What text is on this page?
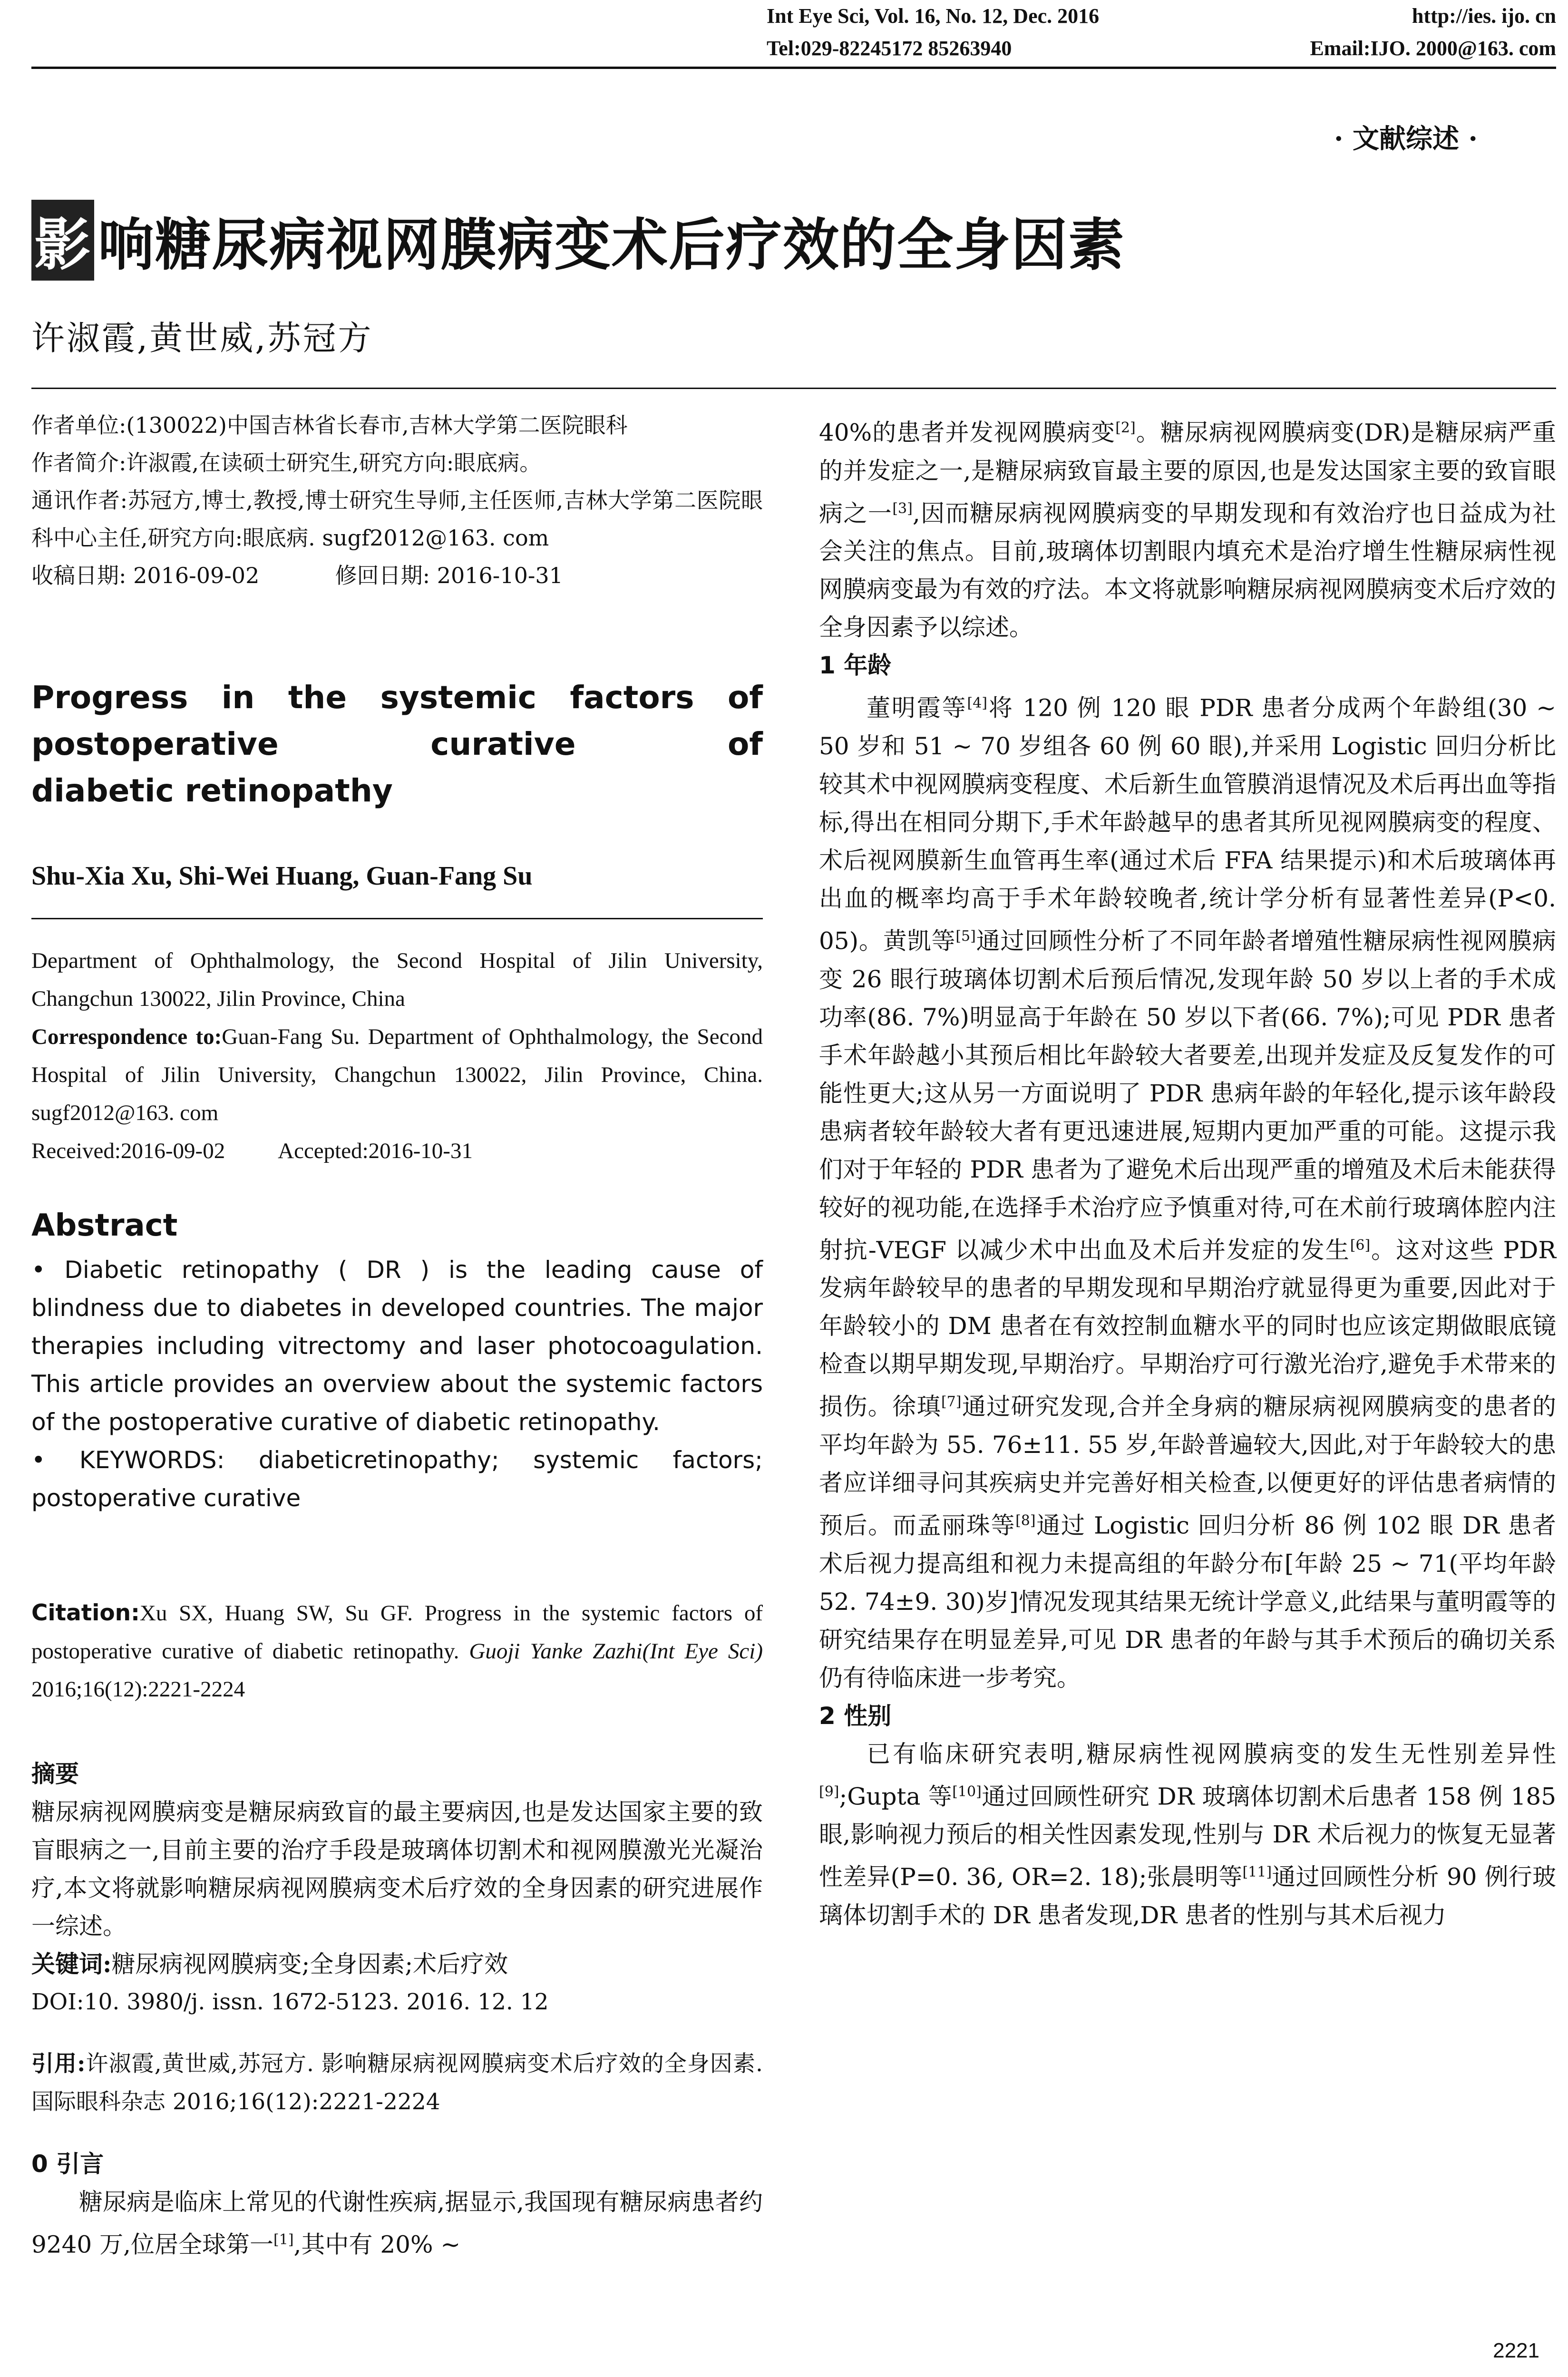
Int Eye Sci, Vol. 16, No. 12, Dec. 2016	http://ies. ijo. cn
Tel:029-82245172 85263940	Email:IJO. 2000@163. com
· 文献综述 ·
影 响糖尿病视网膜病变术后疗效的全身因素
许淑霞,黄世威,苏冠方
作者单位:(130022)中国吉林省长春市,吉林大学第二医院眼科
作者简介:许淑霞,在读硕士研究生,研究方向:眼底病。
通讯作者:苏冠方,博士,教授,博士研究生导师,主任医师,吉林大学第二医院眼科中心主任,研究方向:眼底病. sugf2012@163. com
收稿日期: 2016-09-02	修回日期: 2016-10-31
Progress in the systemic factors of postoperative curative of
diabetic retinopathy
Shu-Xia Xu, Shi-Wei Huang, Guan-Fang Su
Department of Ophthalmology, the Second Hospital of Jilin University, Changchun 130022, Jilin Province, China
Correspondence to:Guan-Fang Su. Department of Ophthalmology, the Second Hospital of Jilin University, Changchun 130022, Jilin Province, China. sugf2012@163. com
Received:2016-09-02 Accepted:2016-10-31
Abstract
• Diabetic retinopathy ( DR ) is the leading cause of blindness due to diabetes in developed countries. The major therapies including vitrectomy and laser photocoagulation. This article provides an overview about the systemic factors of the postoperative curative of diabetic retinopathy.
• KEYWORDS: diabeticretinopathy; systemic factors; postoperative curative
Citation:Xu SX, Huang SW, Su GF. Progress in the systemic factors of postoperative curative of diabetic retinopathy. Guoji Yanke Zazhi(Int Eye Sci) 2016;16(12):2221-2224
摘要
糖尿病视网膜病变是糖尿病致盲的最主要病因,也是发达国家主要的致盲眼病之一,目前主要的治疗手段是玻璃体切割术和视网膜激光光凝治疗,本文将就影响糖尿病视网膜病变术后疗效的全身因素的研究进展作一综述。
关键词:糖尿病视网膜病变;全身因素;术后疗效
DOI:10. 3980/j. issn. 1672-5123. 2016. 12. 12
引用:许淑霞,黄世威,苏冠方. 影响糖尿病视网膜病变术后疗效的全身因素. 国际眼科杂志 2016;16(12):2221-2224
0 引言
糖尿病是临床上常见的代谢性疾病,据显示,我国现有糖尿病患者约 9240 万,位居全球第一[1],其中有 20% ~
40%的患者并发视网膜病变[2]。糖尿病视网膜病变(DR)是糖尿病严重的并发症之一,是糖尿病致盲最主要的原因,也是发达国家主要的致盲眼病之一[3],因而糖尿病视网膜病变的早期发现和有效治疗也日益成为社会关注的焦点。目前,玻璃体切割眼内填充术是治疗增生性糖尿病性视网膜病变最为有效的疗法。本文将就影响糖尿病视网膜病变术后疗效的全身因素予以综述。
1 年龄
董明霞等[4]将 120 例 120 眼 PDR 患者分成两个年龄组(30 ~ 50 岁和 51 ~ 70 岁组各 60 例 60 眼),并采用 Logistic 回归分析比较其术中视网膜病变程度、术后新生血管膜消退情况及术后再出血等指标,得出在相同分期下,手术年龄越早的患者其所见视网膜病变的程度、术后视网膜新生血管再生率(通过术后 FFA 结果提示)和术后玻璃体再出血的概率均高于手术年龄较晚者,统计学分析有显著性差异(P<0. 05)。黄凯等[5]通过回顾性分析了不同年龄者增殖性糖尿病性视网膜病变 26 眼行玻璃体切割术后预后情况,发现年龄 50 岁以上者的手术成功率(86. 7%)明显高于年龄在 50 岁以下者(66. 7%);可见 PDR 患者手术年龄越小其预后相比年龄较大者要差,出现并发症及反复发作的可能性更大;这从另一方面说明了 PDR 患病年龄的年轻化,提示该年龄段患病者较年龄较大者有更迅速进展,短期内更加严重的可能。这提示我们对于年轻的 PDR 患者为了避免术后出现严重的增殖及术后未能获得较好的视功能,在选择手术治疗应予慎重对待,可在术前行玻璃体腔内注射抗-VEGF 以减少术中出血及术后并发症的发生[6]。这对这些 PDR 发病年龄较早的患者的早期发现和早期治疗就显得更为重要,因此对于年龄较小的 DM 患者在有效控制血糖水平的同时也应该定期做眼底镜检查以期早期发现,早期治疗。早期治疗可行激光治疗,避免手术带来的损伤。徐瑱[7]通过研究发现,合并全身病的糖尿病视网膜病变的患者的平均年龄为 55. 76±11. 55 岁,年龄普遍较大,因此,对于年龄较大的患者应详细寻问其疾病史并完善好相关检查,以便更好的评估患者病情的预后。而孟丽珠等[8]通过 Logistic 回归分析 86 例 102 眼 DR 患者术后视力提高组和视力未提高组的年龄分布[年龄 25 ~ 71(平均年龄 52. 74±9. 30)岁]情况发现其结果无统计学意义,此结果与董明霞等的研究结果存在明显差异,可见 DR 患者的年龄与其手术预后的确切关系仍有待临床进一步考究。
2 性别
已有临床研究表明,糖尿病性视网膜病变的发生无性别差异性[9];Gupta 等[10]通过回顾性研究 DR 玻璃体切割术后患者 158 例 185 眼,影响视力预后的相关性因素发现,性别与 DR 术后视力的恢复无显著性差异(P=0. 36, OR=2. 18);张晨明等[11]通过回顾性分析 90 例行玻璃体切割手术的 DR 患者发现,DR 患者的性别与其术后视力
2221
